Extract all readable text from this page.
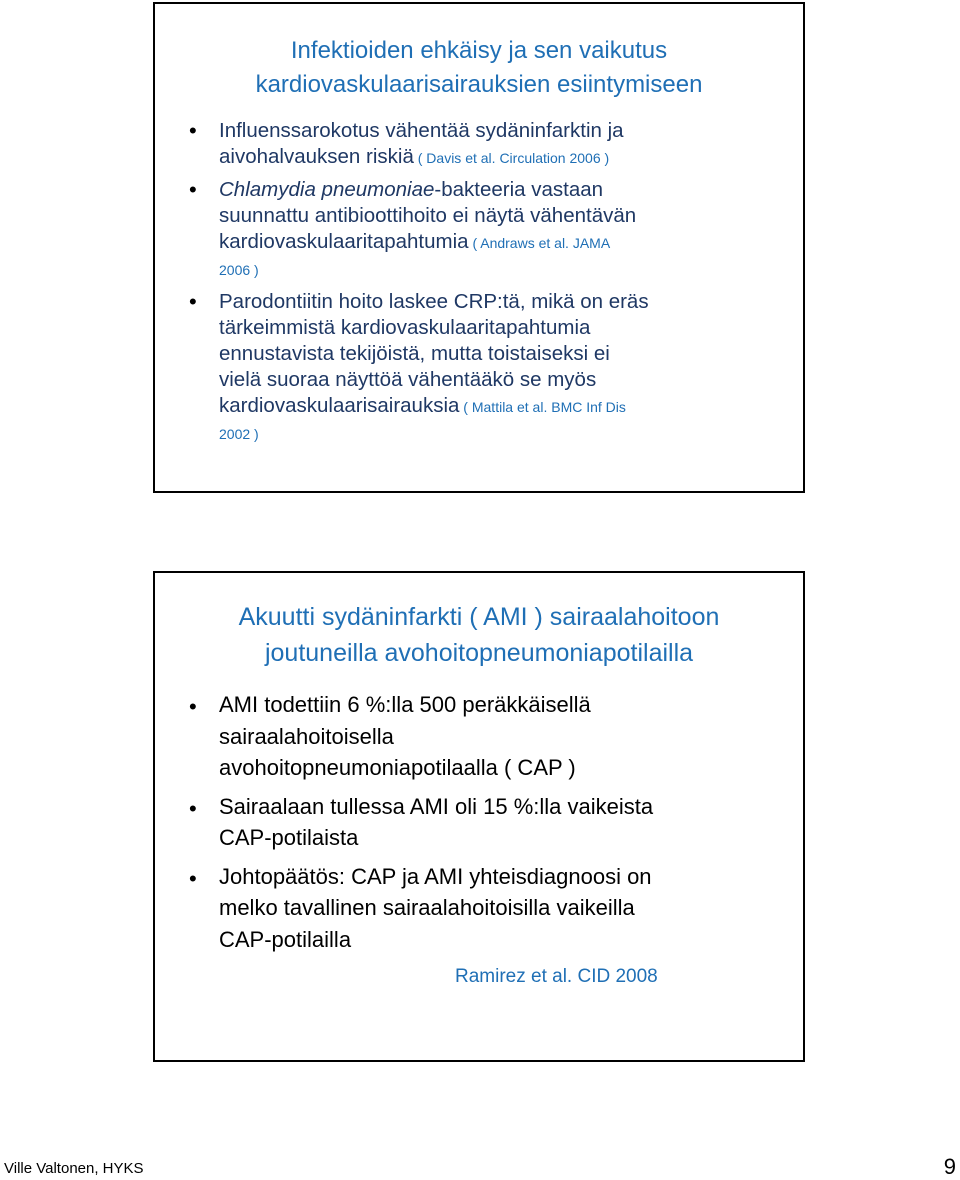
Infektioiden ehkäisy ja sen vaikutus
kardiovaskulaarisairauksien esiintymiseen
• Influenssarokotus vähentää sydäninfarktin ja
aivohalvauksen riskiä ( Davis et al. Circulation 2006 )
• Chlamydia pneumoniae-bakteeria vastaan
suunnattu antibioottihoito ei näytä vähentävän
kardiovaskulaaritapahtumia ( Andraws et al. JAMA
2006 )
• Parodontiitin hoito laskee CRP:tä, mikä on eräs
tärkeimmistä kardiovaskulaaritapahtumia
ennustavista tekijöistä, mutta toistaiseksi ei
vielä suoraa näyttöä vähentääkö se myös
kardiovaskulaarisairauksia ( Mattila et al. BMC Inf Dis
2002 )
Akuutti sydäninfarkti ( AMI ) sairaalahoitoon
joutuneilla avohoitopneumoniapotilailla
• AMI todettiin 6 %:lla 500 peräkkäisellä
sairaalahoitoisella
avohoitopneumoniapotilaalla ( CAP )
• Sairaalaan tullessa AMI oli 15 %:lla vaikeista
CAP-potilaista
• Johtopäätös: CAP ja AMI yhteisdiagnoosi on
melko tavallinen sairaalahoitoisilla vaikeilla
CAP-potilailla
Ramirez et al. CID 2008
Ville Valtonen, HYKS	9
